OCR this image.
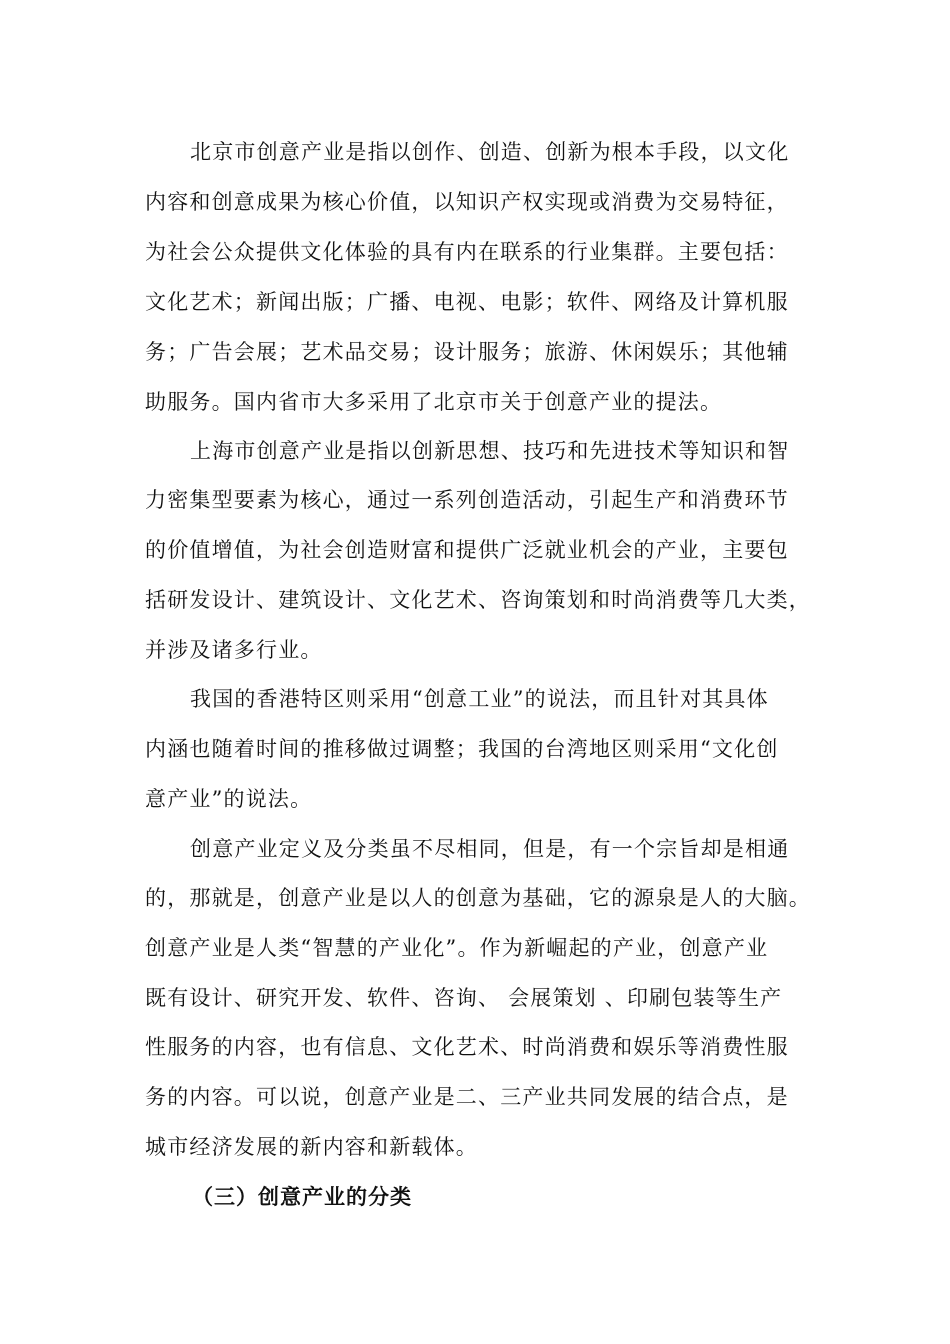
北京市创意产业是指以创作、创造、创新为根本手段，以文化
内容和创意成果为核心价值，以知识产权实现或消费为交易特征，
为社会公众提供文化体验的具有内在联系的行业集群。主要包括：
文化艺术；新闻出版；广播、电视、电影；软件、网络及计算机服
务；广告会展；艺术品交易；设计服务；旅游、休闲娱乐；其他辅
助服务。国内省市大多采用了北京市关于创意产业的提法。
上海市创意产业是指以创新思想、技巧和先进技术等知识和智
力密集型要素为核心，通过一系列创造活动，引起生产和消费环节
的价值增值，为社会创造财富和提供广泛就业机会的产业，主要包
括研发设计、建筑设计、文化艺术、咨询策划和时尚消费等几大类，
并涉及诸多行业。
我国的香港特区则采用“创意工业”的说法，而且针对其具体
内涵也随着时间的推移做过调整；我国的台湾地区则采用“文化创
意产业”的说法。
创意产业定义及分类虽不尽相同，但是，有一个宗旨却是相通
的，那就是，创意产业是以人的创意为基础，它的源泉是人的大脑。
创意产业是人类“智慧的产业化”。作为新崛起的产业，创意产业
既有设计、研究开发、软件、咨询、 会展策划 、印刷包装等生产
性服务的内容，也有信息、文化艺术、时尚消费和娱乐等消费性服
务的内容。可以说，创意产业是二、三产业共同发展的结合点，是
城市经济发展的新内容和新载体。
（三）创意产业的分类
